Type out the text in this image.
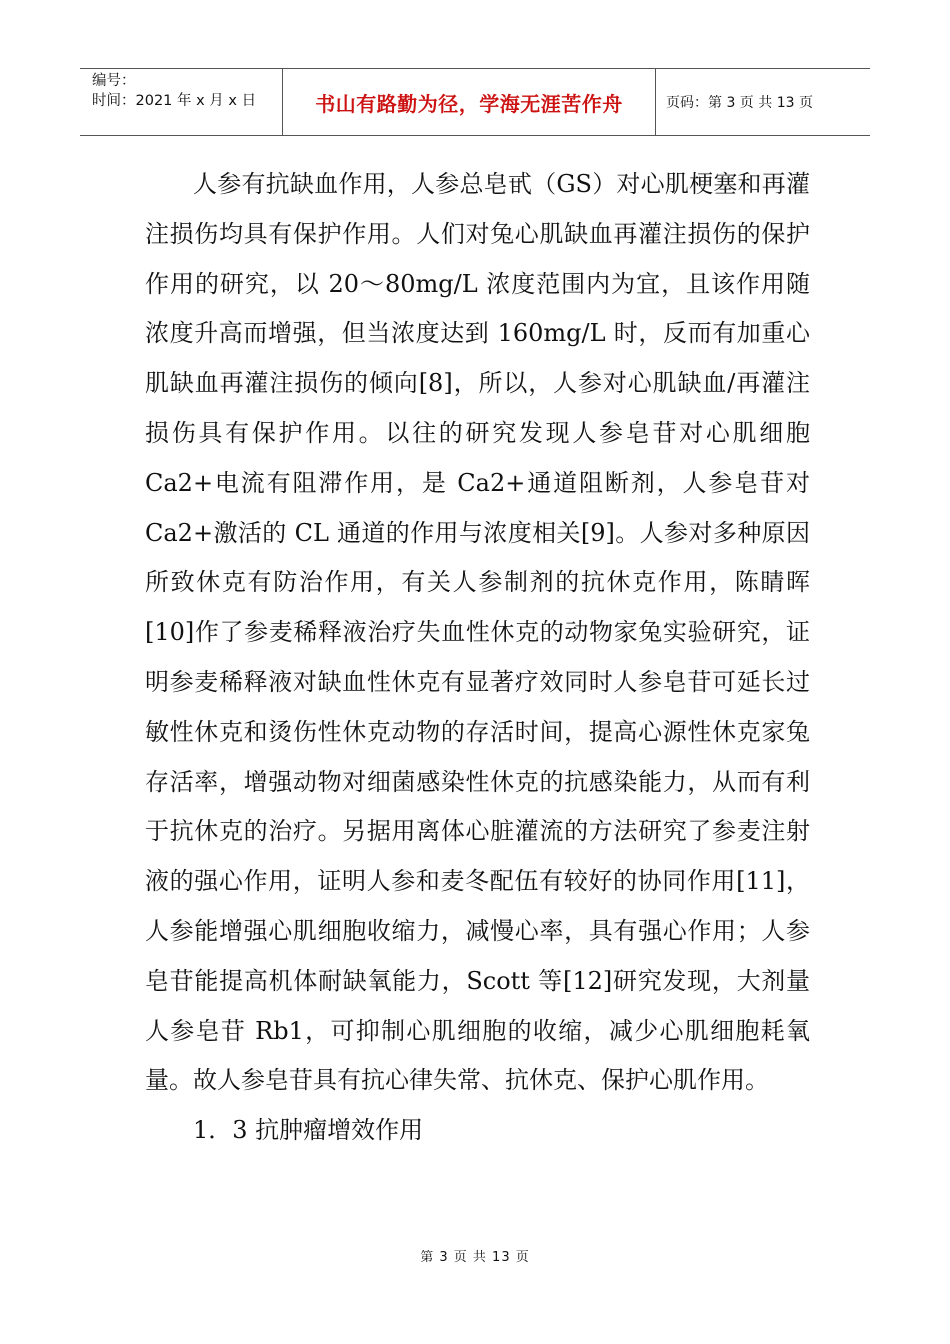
编号：
时间：2021 年 x 月 x 日	书山有路勤为径，学海无涯苦作舟	页码：第 3 页 共 13 页

人参有抗缺血作用，人参总皂甙（GS）对心肌梗塞和再灌注损伤均具有保护作用。人们对兔心肌缺血再灌注损伤的保护作用的研究，以 20～80mg/L 浓度范围内为宜，且该作用随浓度升高而增强，但当浓度达到 160mg/L 时，反而有加重心肌缺血再灌注损伤的倾向[8]，所以，人参对心肌缺血/再灌注损伤具有保护作用。以往的研究发现人参皂苷对心肌细胞 Ca2+电流有阻滞作用，是 Ca2+通道阻断剂，人参皂苷对 Ca2+激活的 CL 通道的作用与浓度相关[9]。人参对多种原因所致休克有防治作用，有关人参制剂的抗休克作用，陈睛晖[10]作了参麦稀释液治疗失血性休克的动物家兔实验研究，证明参麦稀释液对缺血性休克有显著疗效同时人参皂苷可延长过敏性休克和烫伤性休克动物的存活时间，提高心源性休克家兔存活率，增强动物对细菌感染性休克的抗感染能力，从而有利于抗休克的治疗。另据用离体心脏灌流的方法研究了参麦注射液的强心作用，证明人参和麦冬配伍有较好的协同作用[11]，人参能增强心肌细胞收缩力，减慢心率，具有强心作用；人参皂苷能提高机体耐缺氧能力，Scott 等[12]研究发现，大剂量人参皂苷 Rb1，可抑制心肌细胞的收缩，减少心肌细胞耗氧量。故人参皂苷具有抗心律失常、抗休克、保护心肌作用。

1．3 抗肿瘤增效作用

第 3 页 共 13 页
